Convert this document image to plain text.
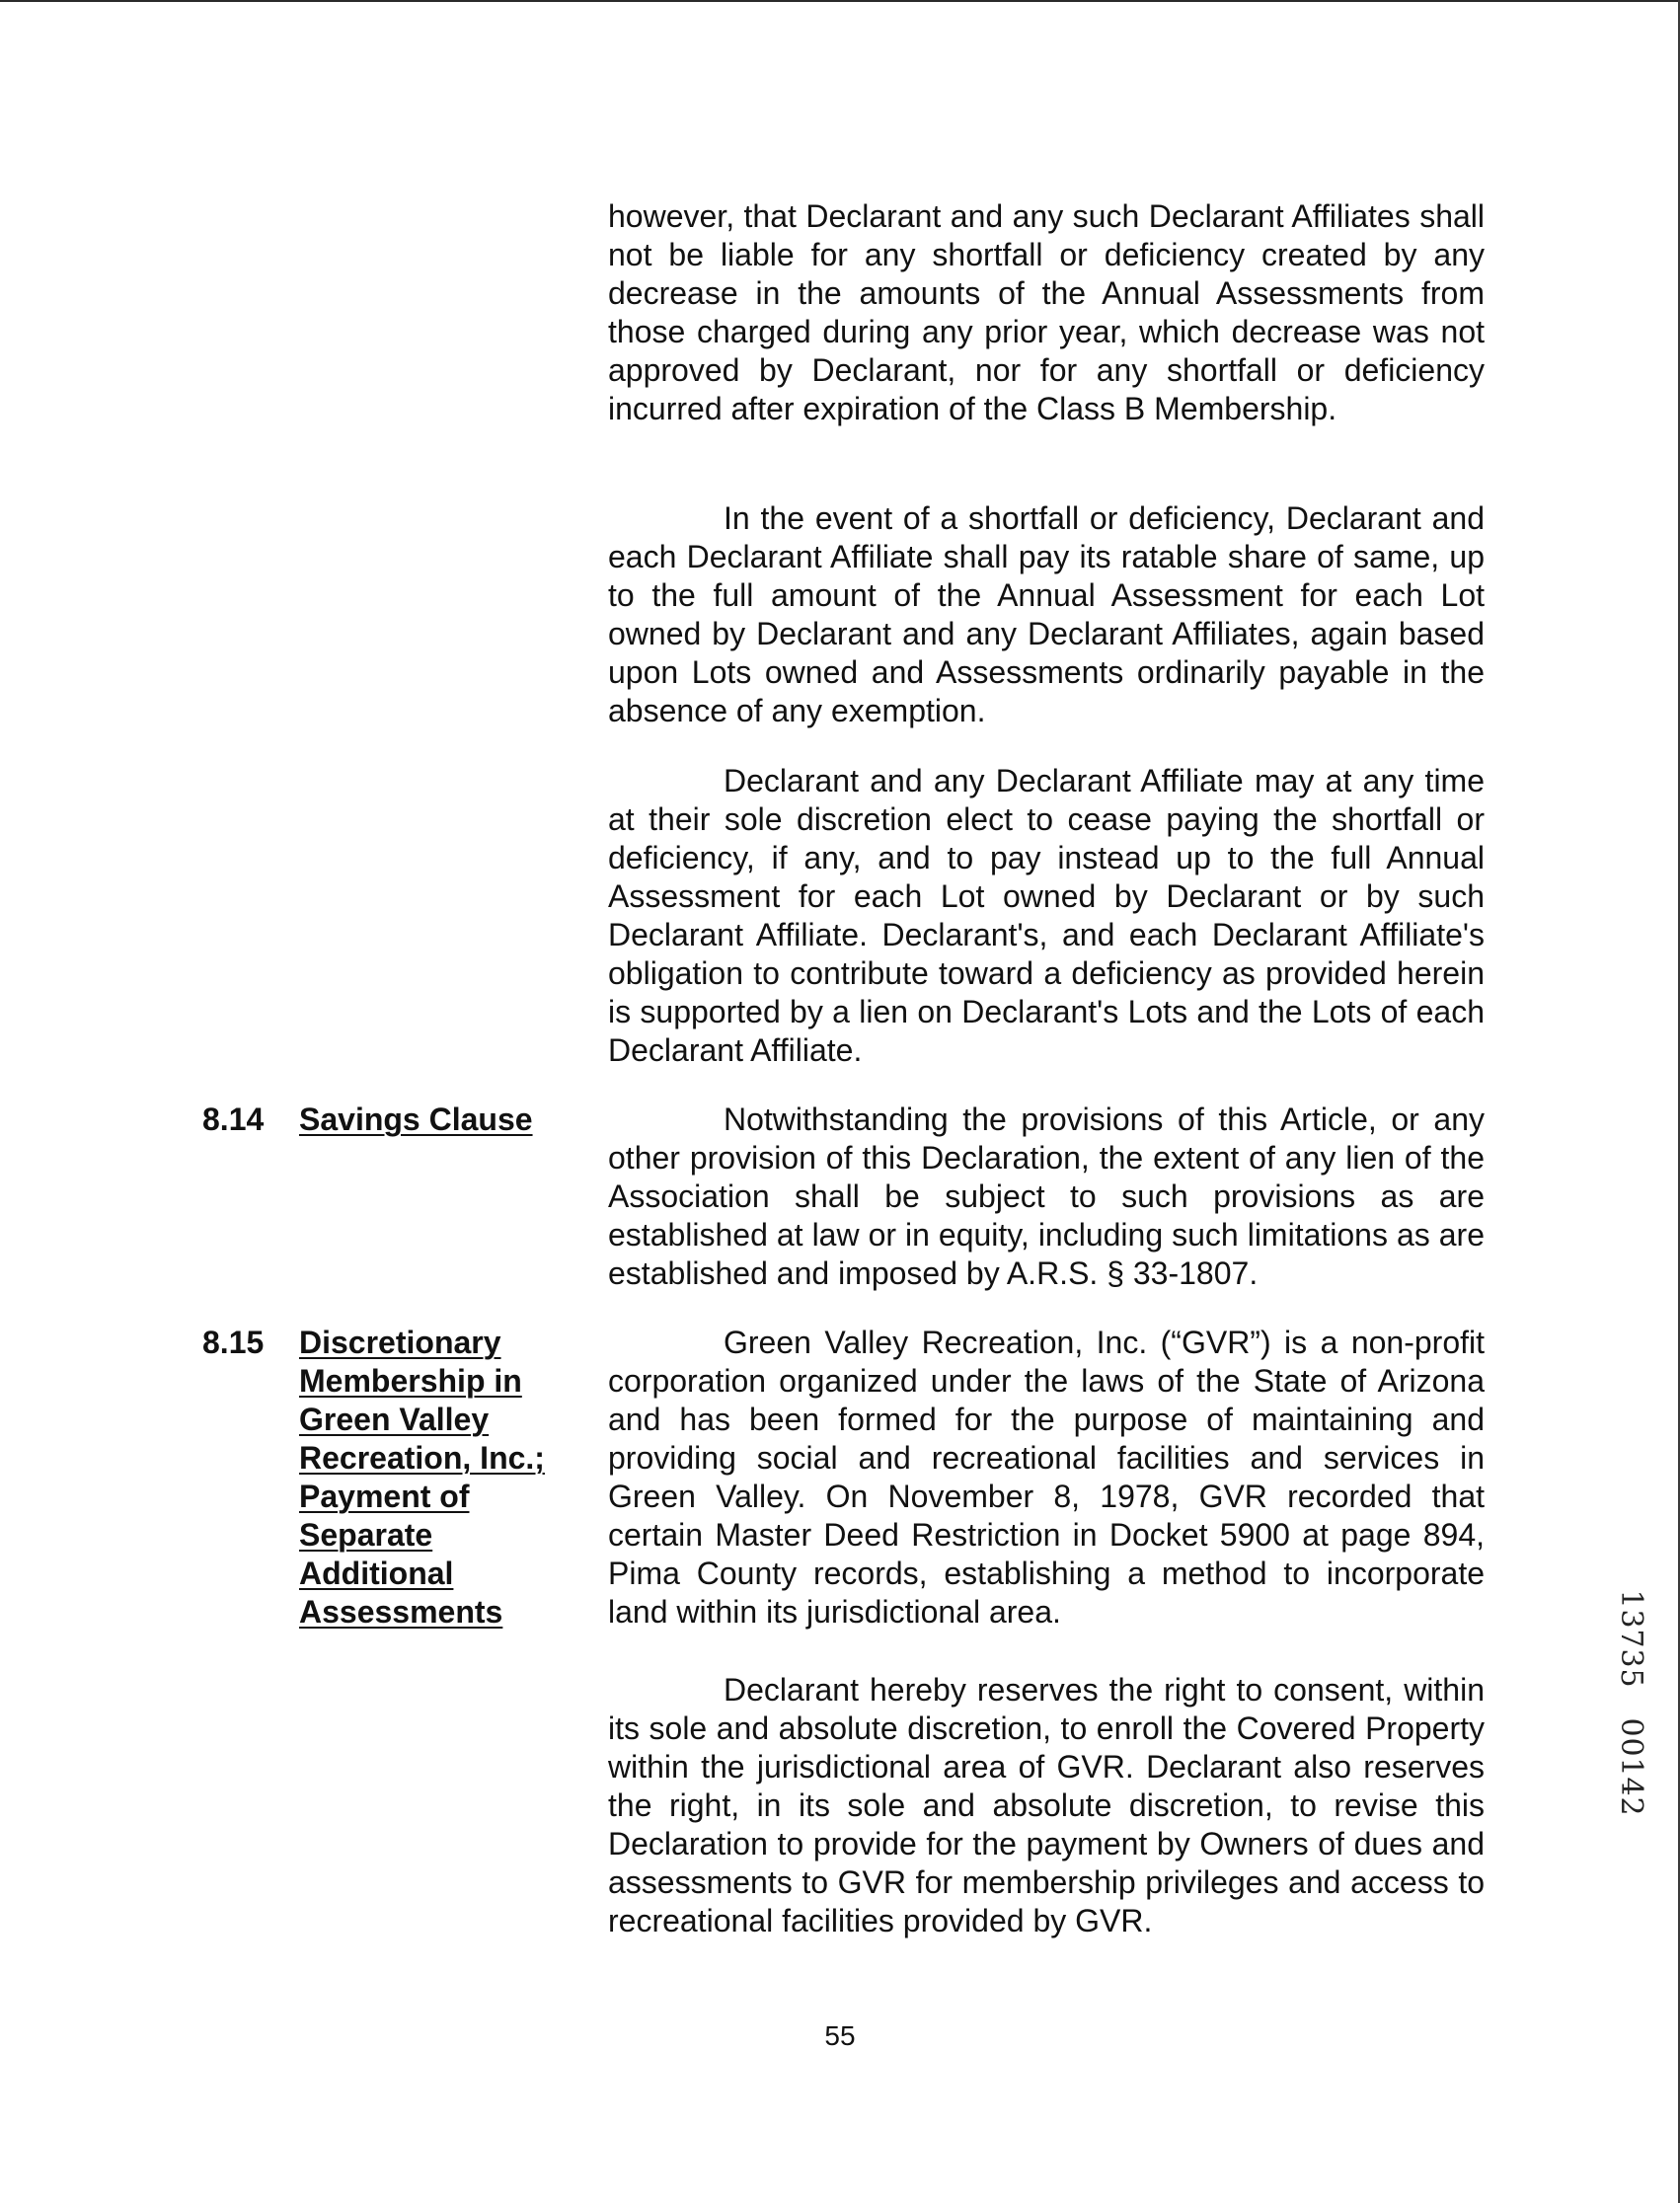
however, that Declarant and any such Declarant Affiliates shall not be liable for any shortfall or deficiency created by any decrease in the amounts of the Annual Assessments from those charged during any prior year, which decrease was not approved by Declarant, nor for any shortfall or deficiency incurred after expiration of the Class B Membership.

In the event of a shortfall or deficiency, Declarant and each Declarant Affiliate shall pay its ratable share of same, up to the full amount of the Annual Assessment for each Lot owned by Declarant and any Declarant Affiliates, again based upon Lots owned and Assessments ordinarily payable in the absence of any exemption.

Declarant and any Declarant Affiliate may at any time at their sole discretion elect to cease paying the shortfall or deficiency, if any, and to pay instead up to the full Annual Assessment for each Lot owned by Declarant or by such Declarant Affiliate. Declarant's, and each Declarant Affiliate's obligation to contribute toward a deficiency as provided herein is supported by a lien on Declarant's Lots and the Lots of each Declarant Affiliate.

8.14 Savings Clause	Notwithstanding the provisions of this Article, or any other provision of this Declaration, the extent of any lien of the Association shall be subject to such provisions as are established at law or in equity, including such limitations as are established and imposed by A.R.S. § 33-1807.

8.15 Discretionary
Membership in
Green Valley
Recreation, Inc.;
Payment of
Separate
Additional
Assessments

Green Valley Recreation, Inc. (“GVR”) is a non-profit corporation organized under the laws of the State of Arizona and has been formed for the purpose of maintaining and providing social and recreational facilities and services in Green Valley. On November 8, 1978, GVR recorded that certain Master Deed Restriction in Docket 5900 at page 894, Pima County records, establishing a method to incorporate land within its jurisdictional area.

Declarant hereby reserves the right to consent, within its sole and absolute discretion, to enroll the Covered Property within the jurisdictional area of GVR. Declarant also reserves the right, in its sole and absolute discretion, to revise this Declaration to provide for the payment by Owners of dues and assessments to GVR for membership privileges and access to recreational facilities provided by GVR.

55
1
3
7
3
5
0
0
1
4
2
